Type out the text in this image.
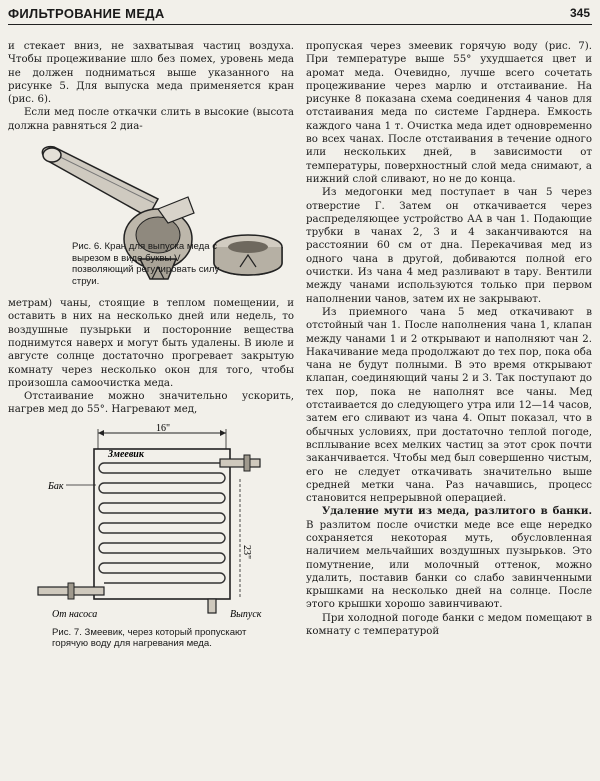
ФИЛЬТРОВАНИЕ МЕДА	345

и стекает вниз, не захватывая частиц воздуха. Чтобы процеживание шло без помех, уровень меда не должен подниматься выше указанного на рисунке 5. Для выпуска меда применяется кран (рис. 6).

Если мед после откачки слить в высокие (высота должна равняться 2 диа-

Рис. 6. Кран для выпуска меда с вырезом в виде буквы V, позволяющий регулировать силу струи.

метрам) чаны, стоящие в теплом помещении, и оставить в них на несколько дней или недель, то воздушные пузырьки и посторонние вещества поднимутся наверх и могут быть удалены. В июле и августе солнце достаточно прогревает закрытую комнату через несколько окон для того, чтобы произошла самоочистка меда.

Отстаивание можно значительно ускорить, нагрев мед до 55°. Нагревают мед,

16"
23"
Бак
Змеевик
От насоса	Выпуск
Рис. 7. Змеевик, через который пропускают горячую воду для нагревания меда.

пропуская через змеевик горячую воду (рис. 7). При температуре выше 55° ухудшается цвет и аромат меда. Очевидно, лучше всего сочетать процеживание через марлю и отстаивание. На рисунке 8 показана схема соединения 4 чанов для отстаивания меда по системе Гарднера. Емкость каждого чана 1 т. Очистка меда идет одновременно во всех чанах. После отстаивания в течение одного или нескольких дней, в зависимости от температуры, поверхностный слой меда снимают, а нижний слой сливают, но не до конца.

Из медогонки мед поступает в чан 5 через отверстие Г. Затем он откачивается через распределяющее устройство АА в чан 1. Подающие трубки в чанах 2, 3 и 4 заканчиваются на расстоянии 60 см от дна. Перекачивая мед из одного чана в другой, добиваются полной его очистки. Из чана 4 мед разливают в тару. Вентили между чанами используются только при первом наполнении чанов, затем их не закрывают.

Из приемного чана 5 мед откачивают в отстойный чан 1. После наполнения чана 1, клапан между чанами 1 и 2 открывают и наполняют чан 2. Накачивание меда продолжают до тех пор, пока оба чана не будут полными. В это время открывают клапан, соединяющий чаны 2 и 3. Так поступают до тех пор, пока не наполнят все чаны. Мед отстаивается до следующего утра или 12—14 часов, затем его сливают из чана 4. Опыт показал, что в обычных условиях, при достаточно теплой погоде, всплывание всех мелких частиц за этот срок почти заканчивается. Чтобы мед был совершенно чистым, его не следует откачивать значительно выше средней метки чана. Раз начавшись, процесс становится непрерывной операцией.

Удаление мути из меда, разлитого в банки. В разлитом после очистки меде все еще нередко сохраняется некоторая муть, обусловленная наличием мельчайших воздушных пузырьков. Это помутнение, или молочный оттенок, можно удалить, поставив банки со слабо завинченными крышками на несколько дней на солнце. После этого крышки хорошо завинчивают.

При холодной погоде банки с медом помещают в комнату с температурой
